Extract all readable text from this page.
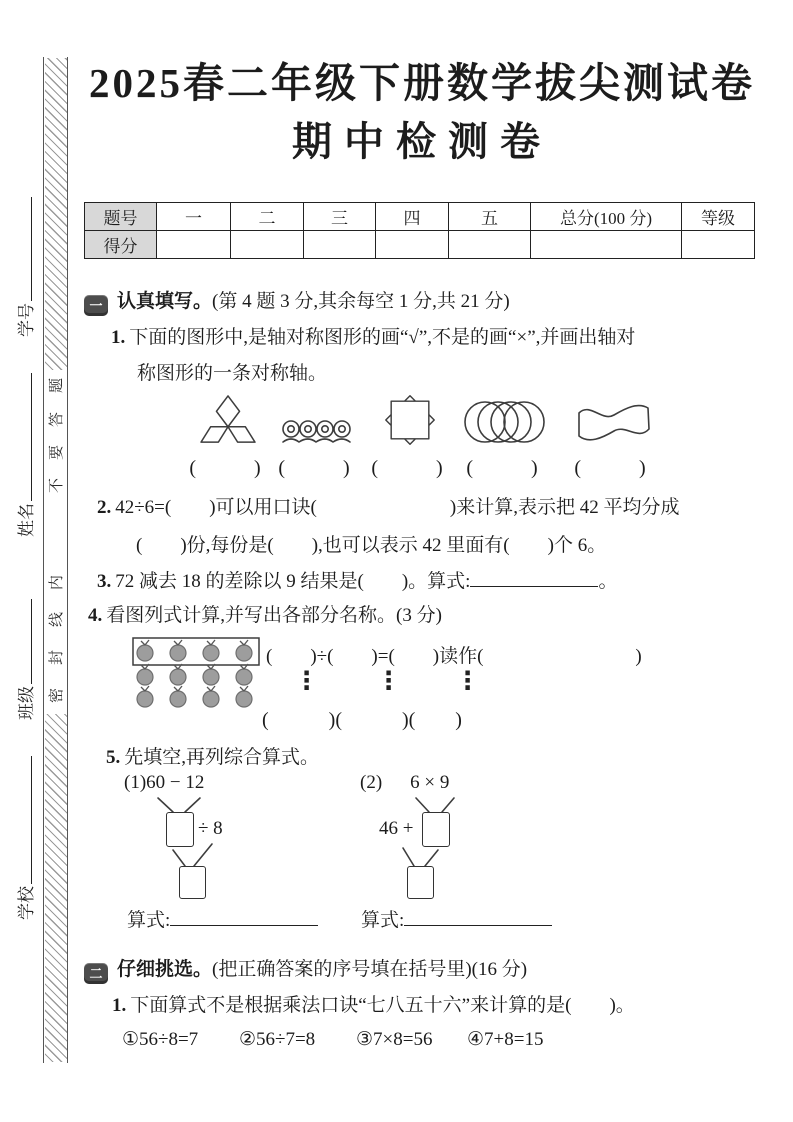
题
答
要
不
内
线
封
密
学号
姓名
班级
学校
2025春二年级下册数学拔尖测试卷
期中检测卷
题号	一	二	三	四	五	总分(100 分)	等级
得分							
一 认真填写。(第 4 题 3 分,其余每空 1 分,共 21 分)
1. 下面的图形中,是轴对称图形的画“√”,不是的画“×”,并画出轴对
称图形的一条对称轴。
(　　) (　　) (　　) (　　) (　　)
2. 42÷6=(　　)可以用口诀(　　　　　　　)来计算,表示把 42 平均分成
(　　)份,每份是(　　),也可以表示 42 里面有(　　)个 6。
3. 72 减去 18 的差除以 9 结果是(　　)。算式:	。
4. 看图列式计算,并写出各部分名称。(3 分)
(　　)÷(　　)=(　　)读作(　　　　　　　　)
⋮ ⋮ ⋮
(　　　)(　　　)(　　)
5. 先填空,再列综合算式。
(1)60 − 12
÷ 8
算式:
(2) 6 × 9
46 +
算式:
二 仔细挑选。(把正确答案的序号填在括号里)(16 分)
1. 下面算式不是根据乘法口诀“七八五十六”来计算的是(　　)。
①56÷8=7 ②56÷7=8 ③7×8=56 ④7+8=15
